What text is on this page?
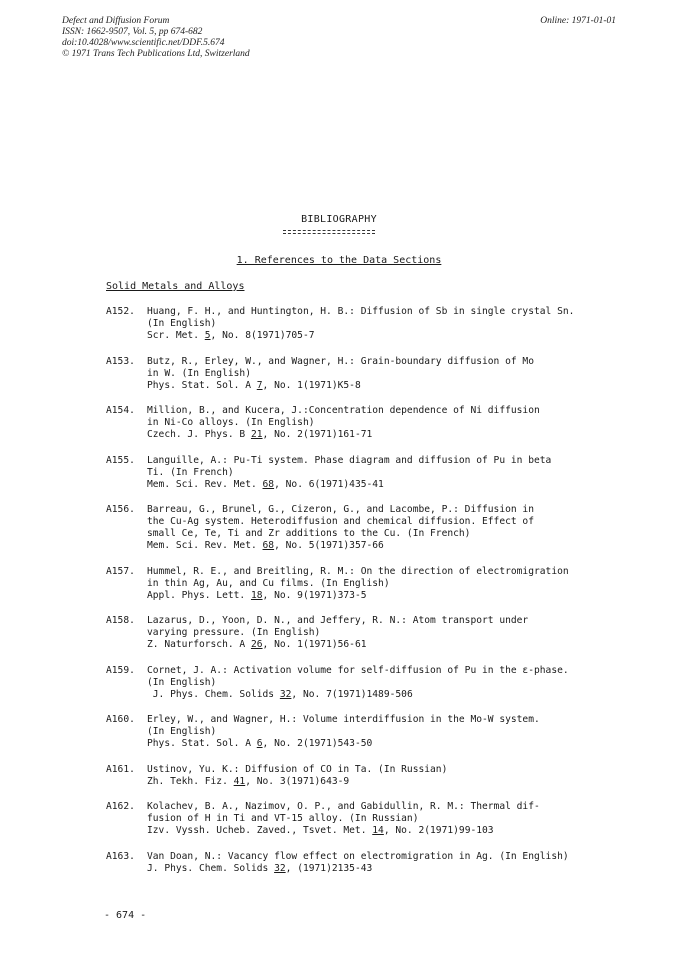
Defect and Diffusion Forum
ISSN: 1662-9507, Vol. 5, pp 674-682
doi:10.4028/www.scientific.net/DDF.5.674
© 1971 Trans Tech Publications Ltd, Switzerland
Online: 1971-01-01
BIBLIOGRAPHY
1. References to the Data Sections
Solid Metals and Alloys
A152. Huang, F. H., and Huntington, H. B.: Diffusion of Sb in single crystal Sn.
(In English)
Scr. Met. 5, No. 8(1971)705-7
A153. Butz, R., Erley, W., and Wagner, H.: Grain-boundary diffusion of Mo
in W. (In English)
Phys. Stat. Sol. A 7, No. 1(1971)K5-8
A154. Million, B., and Kucera, J.:Concentration dependence of Ni diffusion
in Ni-Co alloys. (In English)
Czech. J. Phys. B 21, No. 2(1971)161-71
A155. Languille, A.: Pu-Ti system. Phase diagram and diffusion of Pu in beta
Ti. (In French)
Mem. Sci. Rev. Met. 68, No. 6(1971)435-41
A156. Barreau, G., Brunel, G., Cizeron, G., and Lacombe, P.: Diffusion in
the Cu-Ag system. Heterodiffusion and chemical diffusion. Effect of
small Ce, Te, Ti and Zr additions to the Cu. (In French)
Mem. Sci. Rev. Met. 68, No. 5(1971)357-66
A157. Hummel, R. E., and Breitling, R. M.: On the direction of electromigration
in thin Ag, Au, and Cu films. (In English)
Appl. Phys. Lett. 18, No. 9(1971)373-5
A158. Lazarus, D., Yoon, D. N., and Jeffery, R. N.: Atom transport under
varying pressure. (In English)
Z. Naturforsch. A 26, No. 1(1971)56-61
A159. Cornet, J. A.: Activation volume for self-diffusion of Pu in the ε-phase.
(In English)
J. Phys. Chem. Solids 32, No. 7(1971)1489-506
A160. Erley, W., and Wagner, H.: Volume interdiffusion in the Mo-W system.
(In English)
Phys. Stat. Sol. A 6, No. 2(1971)543-50
A161. Ustinov, Yu. K.: Diffusion of CO in Ta. (In Russian)
Zh. Tekh. Fiz. 41, No. 3(1971)643-9
A162. Kolachev, B. A., Nazimov, O. P., and Gabidullin, R. M.: Thermal dif-
fusion of H in Ti and VT-15 alloy. (In Russian)
Izv. Vyssh. Ucheb. Zaved., Tsvet. Met. 14, No. 2(1971)99-103
A163. Van Doan, N.: Vacancy flow effect on electromigration in Ag. (In English)
J. Phys. Chem. Solids 32, (1971)2135-43
- 674 -
